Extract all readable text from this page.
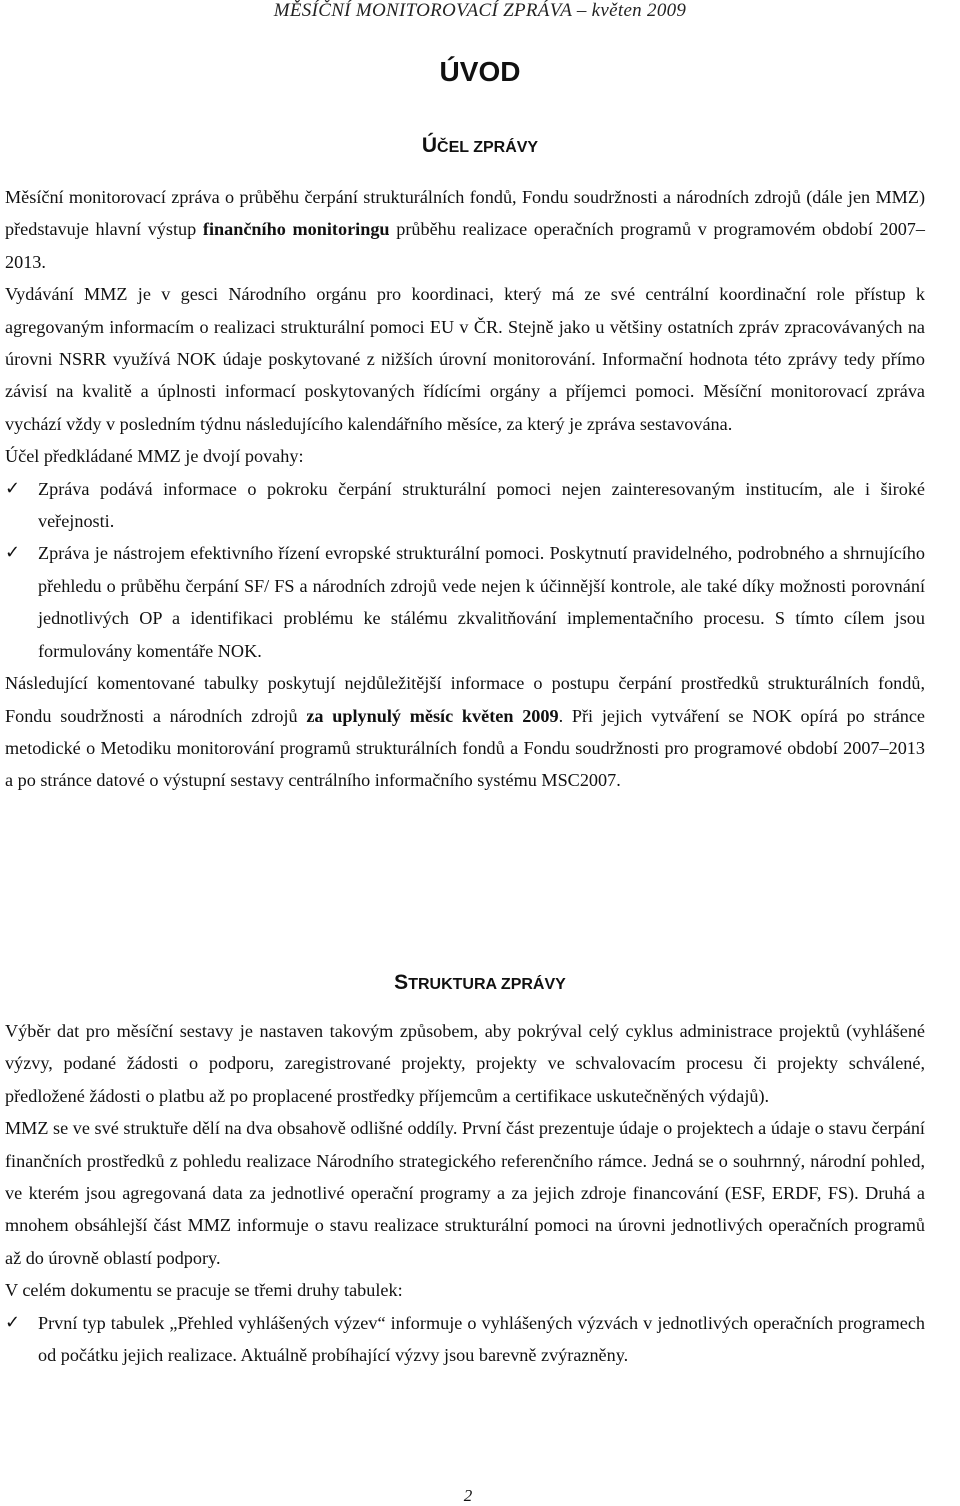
MĚSÍČNÍ MONITOROVACÍ ZPRÁVA – květen 2009
ÚVOD
ÚČEL ZPRÁVY

Měsíční monitorovací zpráva o průběhu čerpání strukturálních fondů, Fondu soudržnosti a národních zdrojů (dále jen MMZ) představuje hlavní výstup finančního monitoringu průběhu realizace operačních programů v programovém období 2007–2013.

Vydávání MMZ je v gesci Národního orgánu pro koordinaci, který má ze své centrální koordinační role přístup k agregovaným informacím o realizaci strukturální pomoci EU v ČR. Stejně jako u většiny ostatních zpráv zpracovávaných na úrovni NSRR využívá NOK údaje poskytované z nižších úrovní monitorování. Informační hodnota této zprávy tedy přímo závisí na kvalitě a úplnosti informací poskytovaných řídícími orgány a příjemci pomoci. Měsíční monitorovací zpráva vychází vždy v posledním týdnu následujícího kalendářního měsíce, za který je zpráva sestavována.

Účel předkládané MMZ je dvojí povahy:

✓ Zpráva podává informace o pokroku čerpání strukturální pomoci nejen zainteresovaným institucím, ale i široké veřejnosti.
✓ Zpráva je nástrojem efektivního řízení evropské strukturální pomoci. Poskytnutí pravidelného, podrobného a shrnujícího přehledu o průběhu čerpání SF/ FS a národních zdrojů vede nejen k účinnější kontrole, ale také díky možnosti porovnání jednotlivých OP a identifikaci problému ke stálému zkvalitňování implementačního procesu. S tímto cílem jsou formulovány komentáře NOK.

Následující komentované tabulky poskytují nejdůležitější informace o postupu čerpání prostředků strukturálních fondů, Fondu soudržnosti a národních zdrojů za uplynulý měsíc květen 2009. Při jejich vytváření se NOK opírá po stránce metodické o Metodiku monitorování programů strukturálních fondů a Fondu soudržnosti pro programové období 2007–2013 a po stránce datové o výstupní sestavy centrálního informačního systému MSC2007.

STRUKTURA ZPRÁVY

Výběr dat pro měsíční sestavy je nastaven takovým způsobem, aby pokrýval celý cyklus administrace projektů (vyhlášené výzvy, podané žádosti o podporu, zaregistrované projekty, projekty ve schvalovacím procesu či projekty schválené, předložené žádosti o platbu až po proplacené prostředky příjemcům a certifikace uskutečněných výdajů).

MMZ se ve své struktuře dělí na dva obsahově odlišné oddíly. První část prezentuje údaje o projektech a údaje o stavu čerpání finančních prostředků z pohledu realizace Národního strategického referenčního rámce. Jedná se o souhrnný, národní pohled, ve kterém jsou agregovaná data za jednotlivé operační programy a za jejich zdroje financování (ESF, ERDF, FS). Druhá a mnohem obsáhlejší část MMZ informuje o stavu realizace strukturální pomoci na úrovni jednotlivých operačních programů až do úrovně oblastí podpory.

V celém dokumentu se pracuje se třemi druhy tabulek:

✓ První typ tabulek „Přehled vyhlášených výzev“ informuje o vyhlášených výzvách v jednotlivých operačních programech od počátku jejich realizace. Aktuálně probíhající výzvy jsou barevně zvýrazněny.
2
